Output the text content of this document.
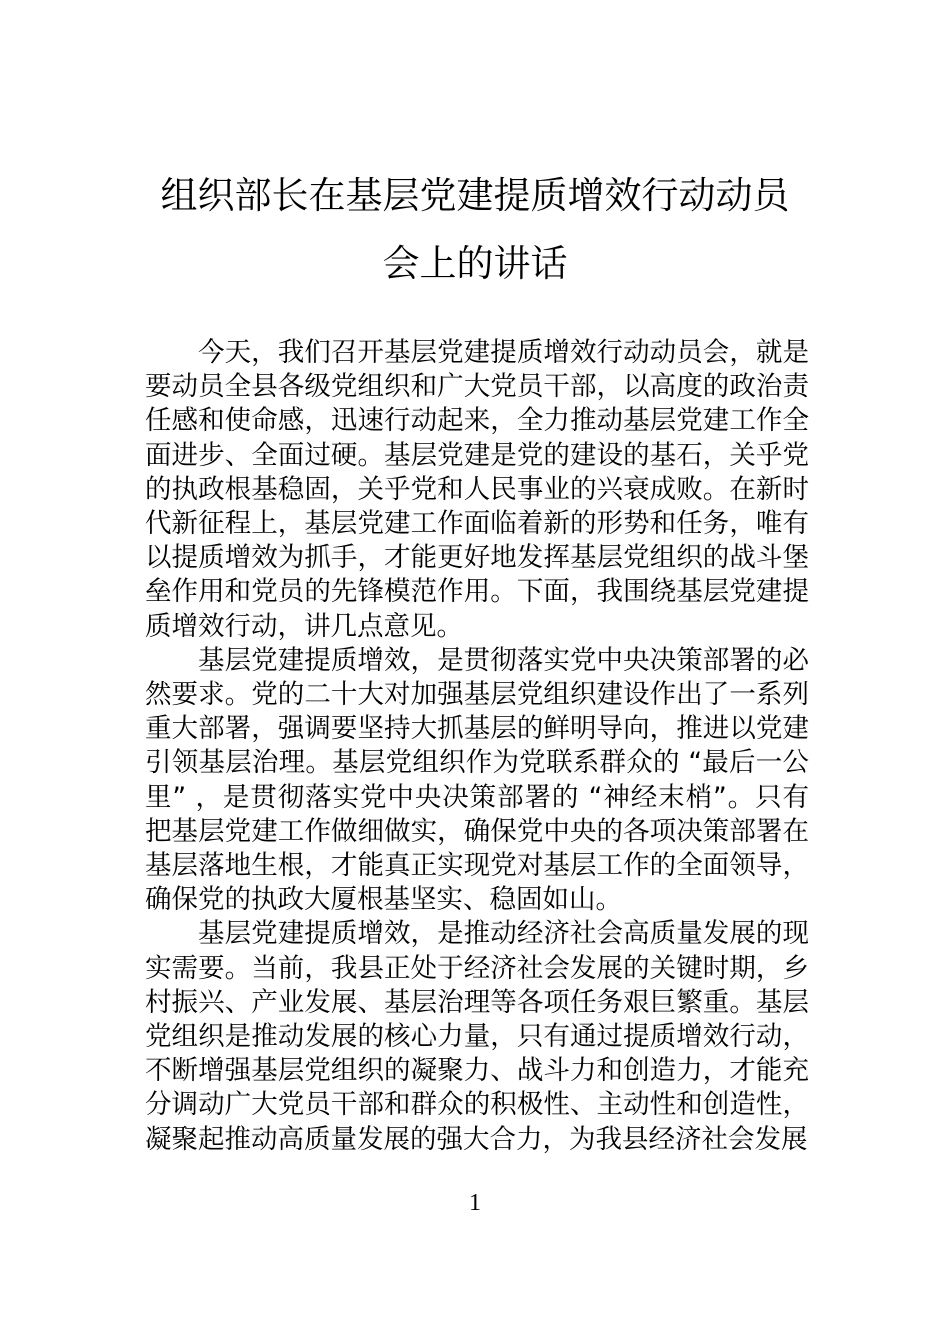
组织部长在基层党建提质增效行动动员会上的讲话

今天，我们召开基层党建提质增效行动动员会，就是要动员全县各级党组织和广大党员干部，以高度的政治责任感和使命感，迅速行动起来，全力推动基层党建工作全面进步、全面过硬。基层党建是党的建设的基石，关乎党的执政根基稳固，关乎党和人民事业的兴衰成败。在新时代新征程上，基层党建工作面临着新的形势和任务，唯有以提质增效为抓手，才能更好地发挥基层党组织的战斗堡垒作用和党员的先锋模范作用。下面，我围绕基层党建提质增效行动，讲几点意见。

基层党建提质增效，是贯彻落实党中央决策部署的必然要求。党的二十大对加强基层党组织建设作出了一系列重大部署，强调要坚持大抓基层的鲜明导向，推进以党建引领基层治理。基层党组织作为党联系群众的 “最后一公里” ，是贯彻落实党中央决策部署的 “神经末梢”。只有把基层党建工作做细做实，确保党中央的各项决策部署在基层落地生根，才能真正实现党对基层工作的全面领导，确保党的执政大厦根基坚实、稳固如山。

基层党建提质增效，是推动经济社会高质量发展的现实需要。当前，我县正处于经济社会发展的关键时期，乡村振兴、产业发展、基层治理等各项任务艰巨繁重。基层党组织是推动发展的核心力量，只有通过提质增效行动，不断增强基层党组织的凝聚力、战斗力和创造力，才能充分调动广大党员干部和群众的积极性、主动性和创造性，凝聚起推动高质量发展的强大合力，为我县经济社会发展

1
